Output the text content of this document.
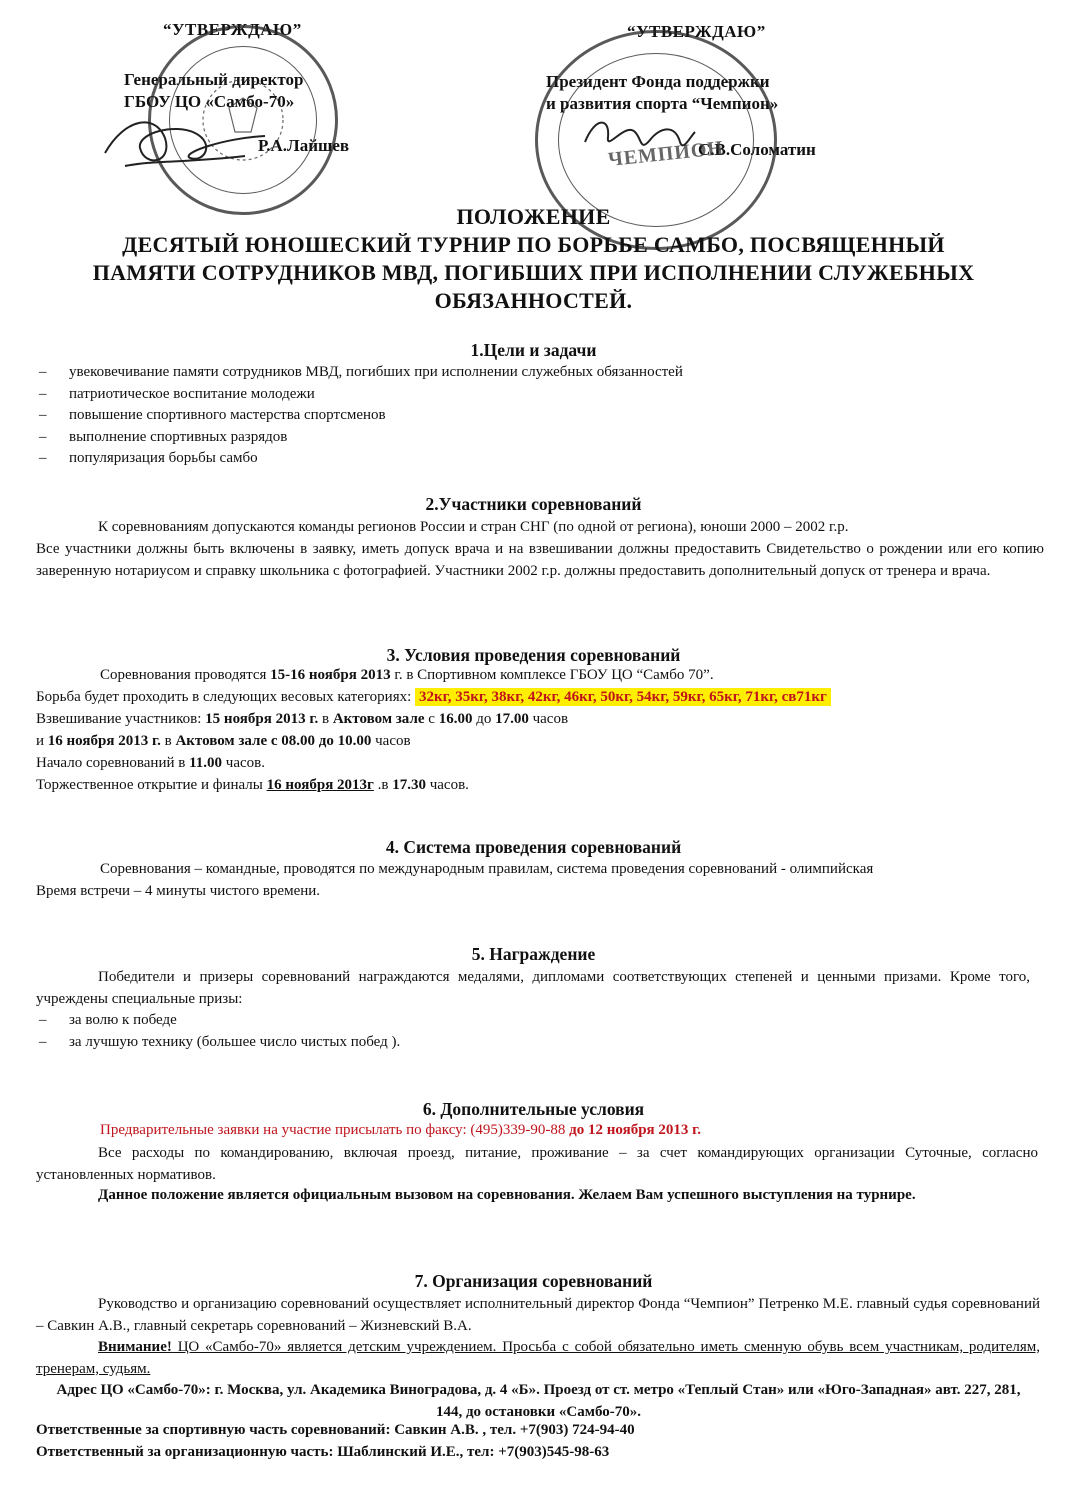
“УТВЕРЖДАЮ”
Генеральный директор
ГБОУ ЦО «Самбо-70»
Р.А.Лайшев
“УТВЕРЖДАЮ”
Президент Фонда поддержки
и развития спорта “Чемпион»
С.В.Соломатин
ЧЕМПИОН
ПОЛОЖЕНИЕ
ДЕСЯТЫЙ ЮНОШЕСКИЙ ТУРНИР ПО БОРЬБЕ САМБО, ПОСВЯЩЕННЫЙ
ПАМЯТИ СОТРУДНИКОВ МВД, ПОГИБШИХ ПРИ ИСПОЛНЕНИИ СЛУЖЕБНЫХ
ОБЯЗАННОСТЕЙ.
1.Цели и задачи
– увековечивание памяти сотрудников МВД, погибших при исполнении служебных обязанностей
– патриотическое воспитание молодежи
– повышение спортивного мастерства спортсменов
– выполнение спортивных разрядов
– популяризация борьбы самбо
2.Участники соревнований
К соревнованиям допускаются команды регионов России и стран СНГ (по одной от региона), юноши 2000 – 2002 г.р.
Все участники должны быть включены в заявку, иметь допуск врача и на взвешивании должны предоставить Свидетельство о рождении или его копию заверенную нотариусом и справку школьника с фотографией. Участники 2002 г.р. должны предоставить дополнительный допуск от тренера и врача.
3. Условия проведения соревнований
Соревнования проводятся 15-16 ноября 2013 г. в Спортивном комплексе ГБОУ ЦО “Самбо 70”.
Борьба будет проходить в следующих весовых категориях: 32кг, 35кг, 38кг, 42кг, 46кг, 50кг, 54кг, 59кг, 65кг, 71кг, св71кг
Взвешивание участников: 15 ноября 2013 г. в Актовом зале с 16.00 до 17.00 часов
и 16 ноября 2013 г. в Актовом зале с 08.00 до 10.00 часов
Начало соревнований в 11.00 часов.
Торжественное открытие и финалы 16 ноября 2013г .в 17.30 часов.
4. Система проведения соревнований
Соревнования – командные, проводятся по международным правилам, система проведения соревнований - олимпийская
Время встречи – 4 минуты чистого времени.
5. Награждение
Победители и призеры соревнований награждаются медалями, дипломами соответствующих степеней и ценными призами. Кроме того, учреждены специальные призы:
– за волю к победе
– за лучшую технику (большее число чистых побед ).
6. Дополнительные условия
Предварительные заявки на участие присылать по факсу: (495)339-90-88 до 12 ноября 2013 г.
Все расходы по командированию, включая проезд, питание, проживание – за счет командирующих организации Суточные, согласно установленных нормативов.
Данное положение является официальным вызовом на соревнования. Желаем Вам успешного выступления на турнире.
7. Организация соревнований
Руководство и организацию соревнований осуществляет исполнительный директор Фонда “Чемпион” Петренко М.Е. главный судья соревнований – Савкин А.В., главный секретарь соревнований – Жизневский В.А.
Внимание! ЦО «Самбо-70» является детским учреждением. Просьба с собой обязательно иметь сменную обувь всем участникам, родителям, тренерам, судьям.
Адрес ЦО «Самбо-70»: г. Москва, ул. Академика Виноградова, д. 4 «Б». Проезд от ст. метро «Теплый Стан» или «Юго-Западная» авт. 227, 281, 144, до остановки «Самбо-70».
Ответственные за спортивную часть соревнований: Савкин А.В. , тел. +7(903) 724-94-40
Ответственный за организационную часть: Шаблинский И.Е., тел: +7(903)545-98-63
